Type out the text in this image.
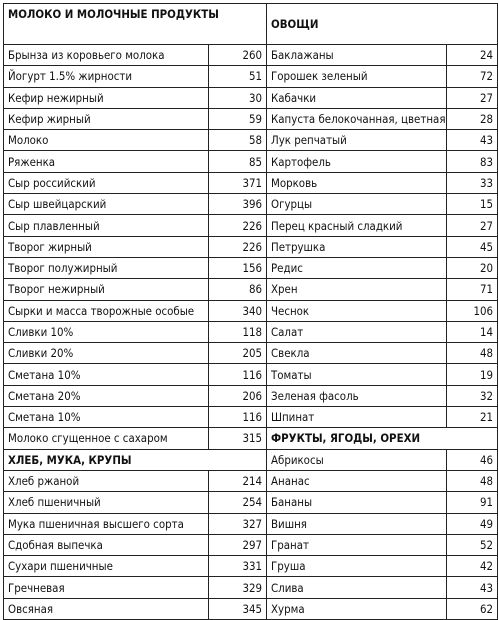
МОЛОКО И МОЛОЧНЫЕ ПРОДУКТЫ		ОВОЩИ	
Брынза из коровьего молока	260	Баклажаны	24
Йогурт 1.5% жирности	51	Горошек зеленый	72
Кефир нежирный	30	Кабачки	27
Кефир жирный	59	Капуста белокочанная, цветная	28
Молоко	58	Лук репчатый	43
Ряженка	85	Картофель	83
Сыр российский	371	Морковь	33
Сыр швейцарский	396	Огурцы	15
Сыр плавленный	226	Перец красный сладкий	27
Творог жирный	226	Петрушка	45
Творог полужирный	156	Редис	20
Творог нежирный	86	Хрен	71
Сырки и масса творожные особые	340	Чеснок	106
Сливки 10%	118	Салат	14
Сливки 20%	205	Свекла	48
Сметана 10%	116	Томаты	19
Сметана 20%	206	Зеленая фасоль	32
Сметана 10%	116	Шпинат	21
Молоко сгущенное с сахаром	315	ФРУКТЫ, ЯГОДЫ, ОРЕХИ	
ХЛЕБ, МУКА, КРУПЫ		Абрикосы	46
Хлеб ржаной	214	Ананас	48
Хлеб пшеничный	254	Бананы	91
Мука пшеничная высшего сорта	327	Вишня	49
Сдобная выпечка	297	Гранат	52
Сухари пшеничные	331	Груша	42
Гречневая	329	Слива	43
Овсяная	345	Хурма	62
